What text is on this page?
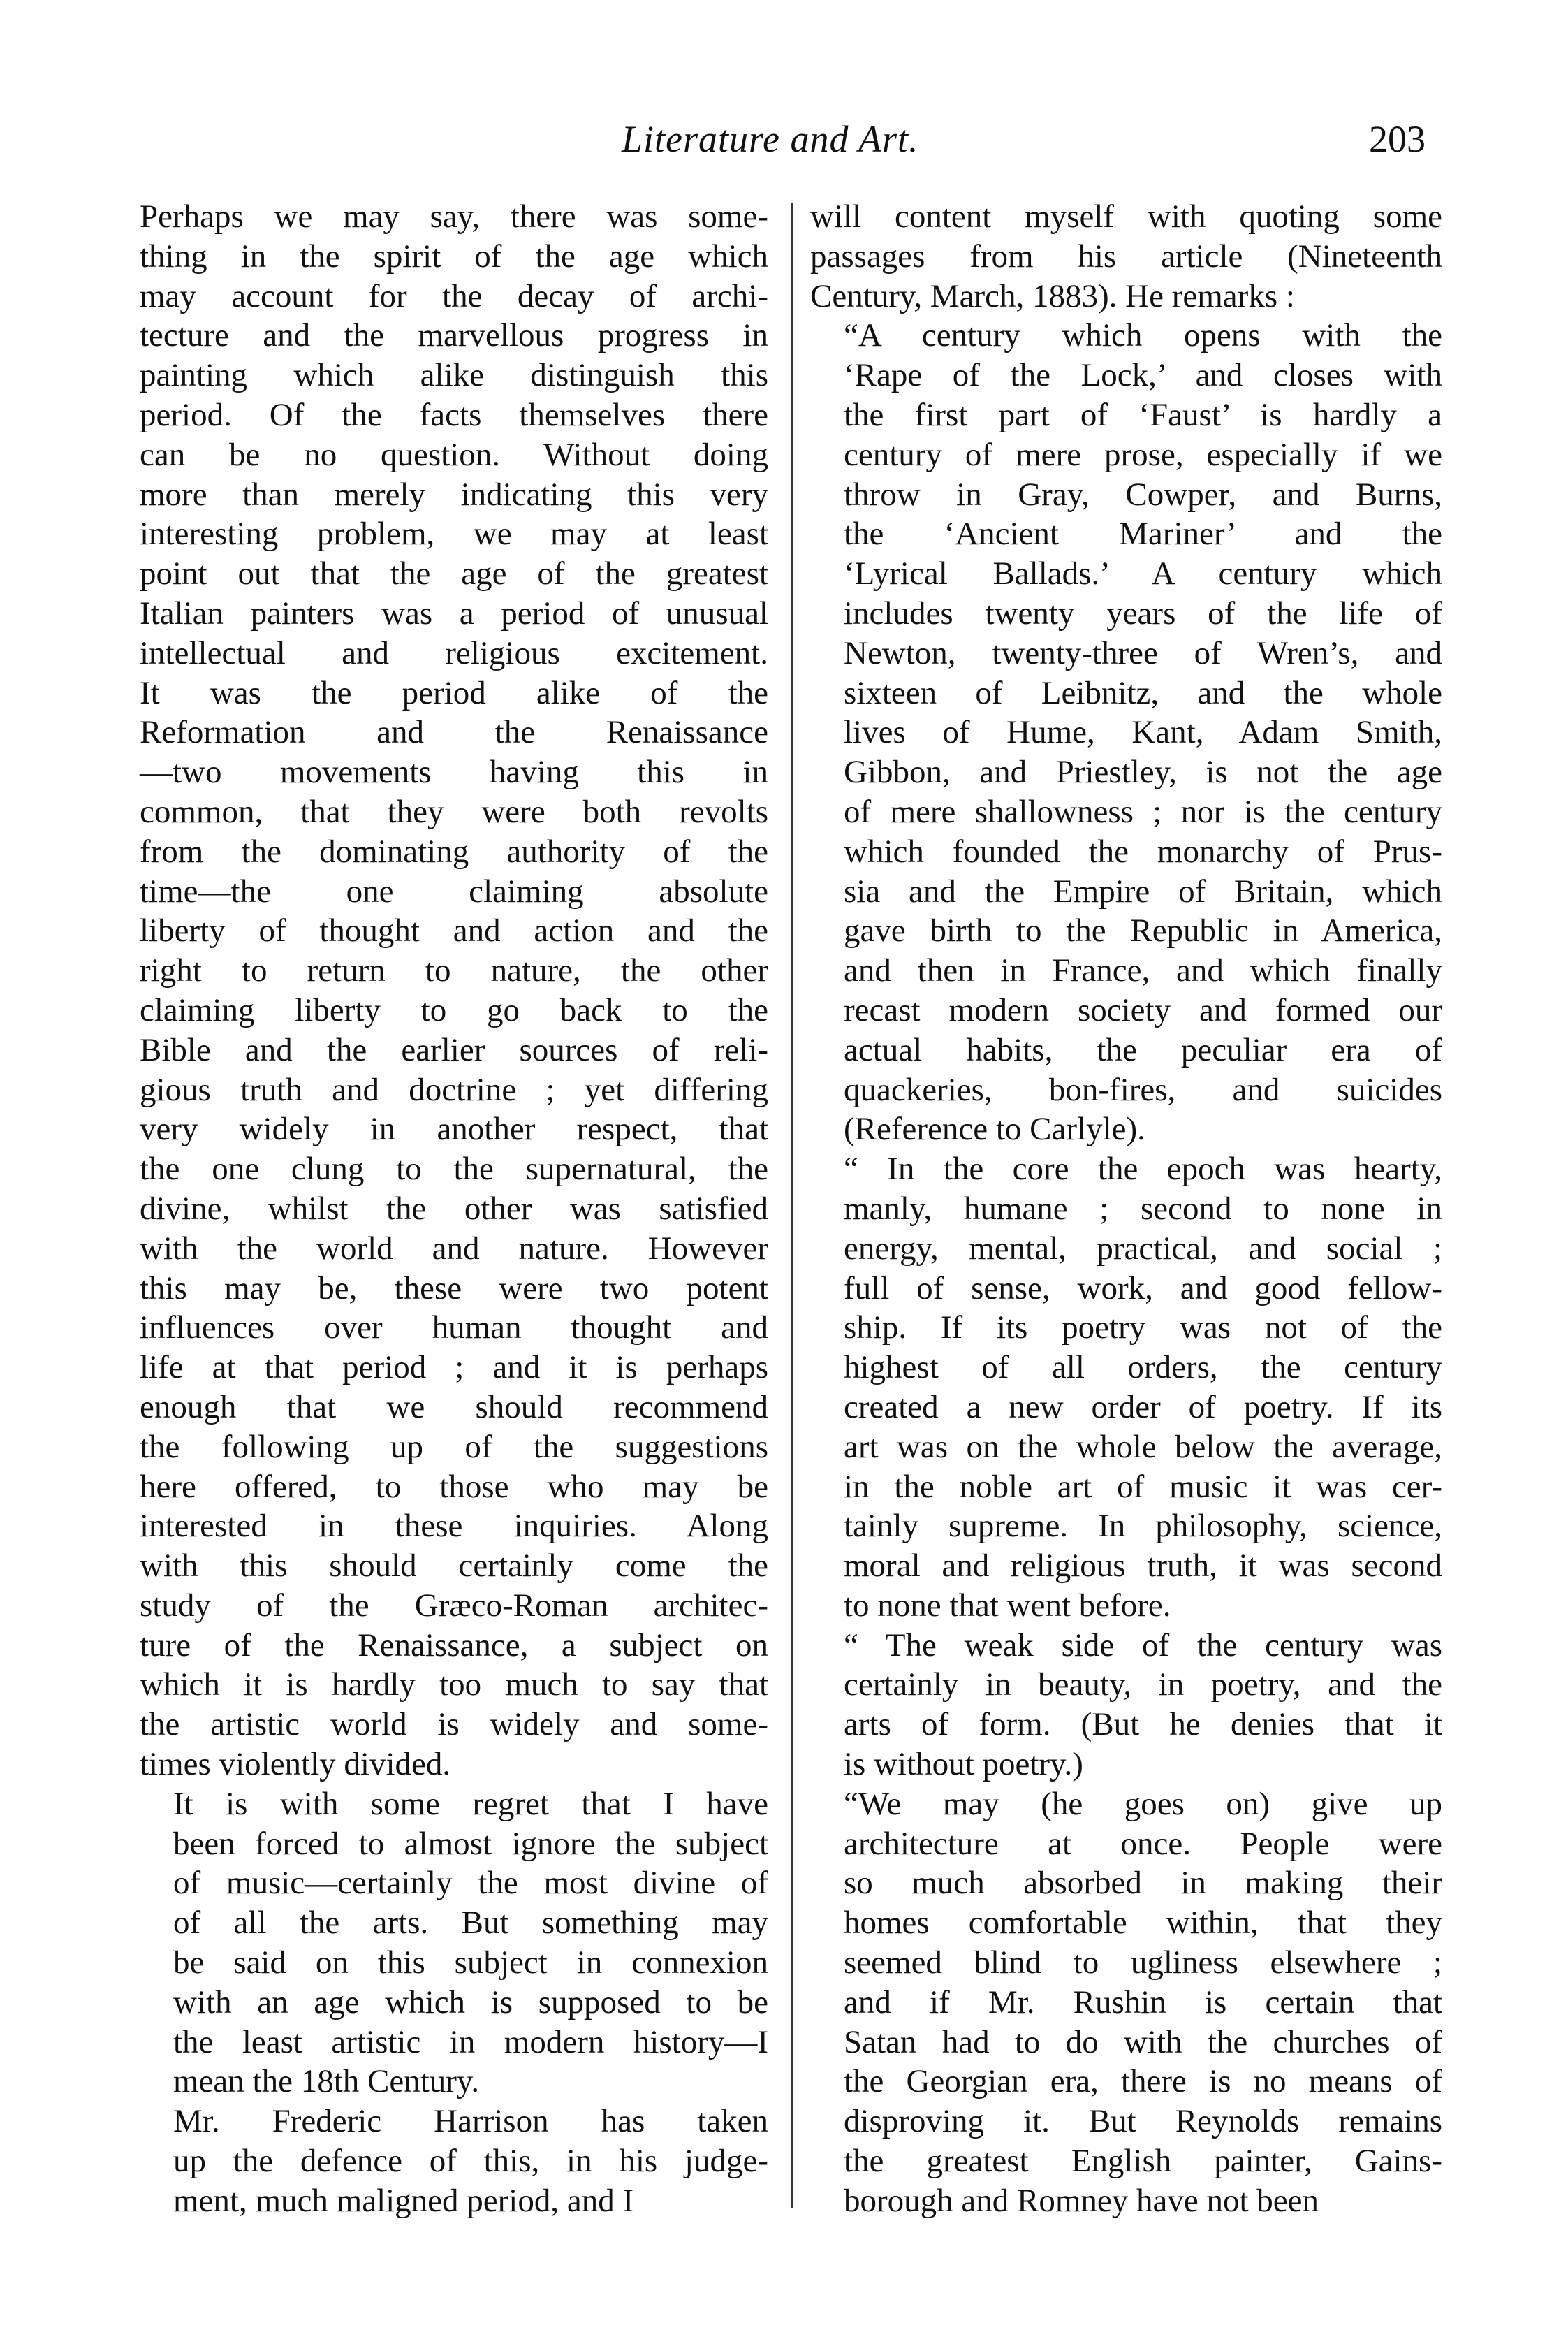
Literature and Art.	203
Perhaps we may say, there was some-
thing in the spirit of the age which
may account for the decay of archi-
tecture and the marvellous progress in
painting which alike distinguish this
period. Of the facts themselves there
can be no question. Without doing
more than merely indicating this very
interesting problem, we may at least
point out that the age of the greatest
Italian painters was a period of unusual
intellectual and religious excitement.
It was the period alike of the
Reformation and the Renaissance
—two movements having this in
common, that they were both revolts
from the dominating authority of the
time—the one claiming absolute
liberty of thought and action and the
right to return to nature, the other
claiming liberty to go back to the
Bible and the earlier sources of reli-
gious truth and doctrine ; yet differing
very widely in another respect, that
the one clung to the supernatural, the
divine, whilst the other was satisfied
with the world and nature. However
this may be, these were two potent
influences over human thought and
life at that period ; and it is perhaps
enough that we should recommend
the following up of the suggestions
here offered, to those who may be
interested in these inquiries. Along
with this should certainly come the
study of the Græco-Roman architec-
ture of the Renaissance, a subject on
which it is hardly too much to say that
the artistic world is widely and some-
times violently divided.
It is with some regret that I have
been forced to almost ignore the subject
of music—certainly the most divine of
of all the arts. But something may
be said on this subject in connexion
with an age which is supposed to be
the least artistic in modern history—I
mean the 18th Century.
Mr. Frederic Harrison has taken
up the defence of this, in his judge-
ment, much maligned period, and I
will content myself with quoting some
passages from his article (Nineteenth
Century, March, 1883). He remarks :
“A century which opens with the
‘Rape of the Lock,’ and closes with
the first part of ‘Faust’ is hardly a
century of mere prose, especially if we
throw in Gray, Cowper, and Burns,
the ‘Ancient Mariner’ and the
‘Lyrical Ballads.’ A century which
includes twenty years of the life of
Newton, twenty-three of Wren’s, and
sixteen of Leibnitz, and the whole
lives of Hume, Kant, Adam Smith,
Gibbon, and Priestley, is not the age
of mere shallowness ; nor is the century
which founded the monarchy of Prus-
sia and the Empire of Britain, which
gave birth to the Republic in America,
and then in France, and which finally
recast modern society and formed our
actual habits, the peculiar era of
quackeries, bon-fires, and suicides
(Reference to Carlyle).
“ In the core the epoch was hearty,
manly, humane ; second to none in
energy, mental, practical, and social ;
full of sense, work, and good fellow-
ship. If its poetry was not of the
highest of all orders, the century
created a new order of poetry. If its
art was on the whole below the average,
in the noble art of music it was cer-
tainly supreme. In philosophy, science,
moral and religious truth, it was second
to none that went before.
“ The weak side of the century was
certainly in beauty, in poetry, and the
arts of form. (But he denies that it
is without poetry.)
“We may (he goes on) give up
architecture at once. People were
so much absorbed in making their
homes comfortable within, that they
seemed blind to ugliness elsewhere ;
and if Mr. Rushin is certain that
Satan had to do with the churches of
the Georgian era, there is no means of
disproving it. But Reynolds remains
the greatest English painter, Gains-
borough and Romney have not been
